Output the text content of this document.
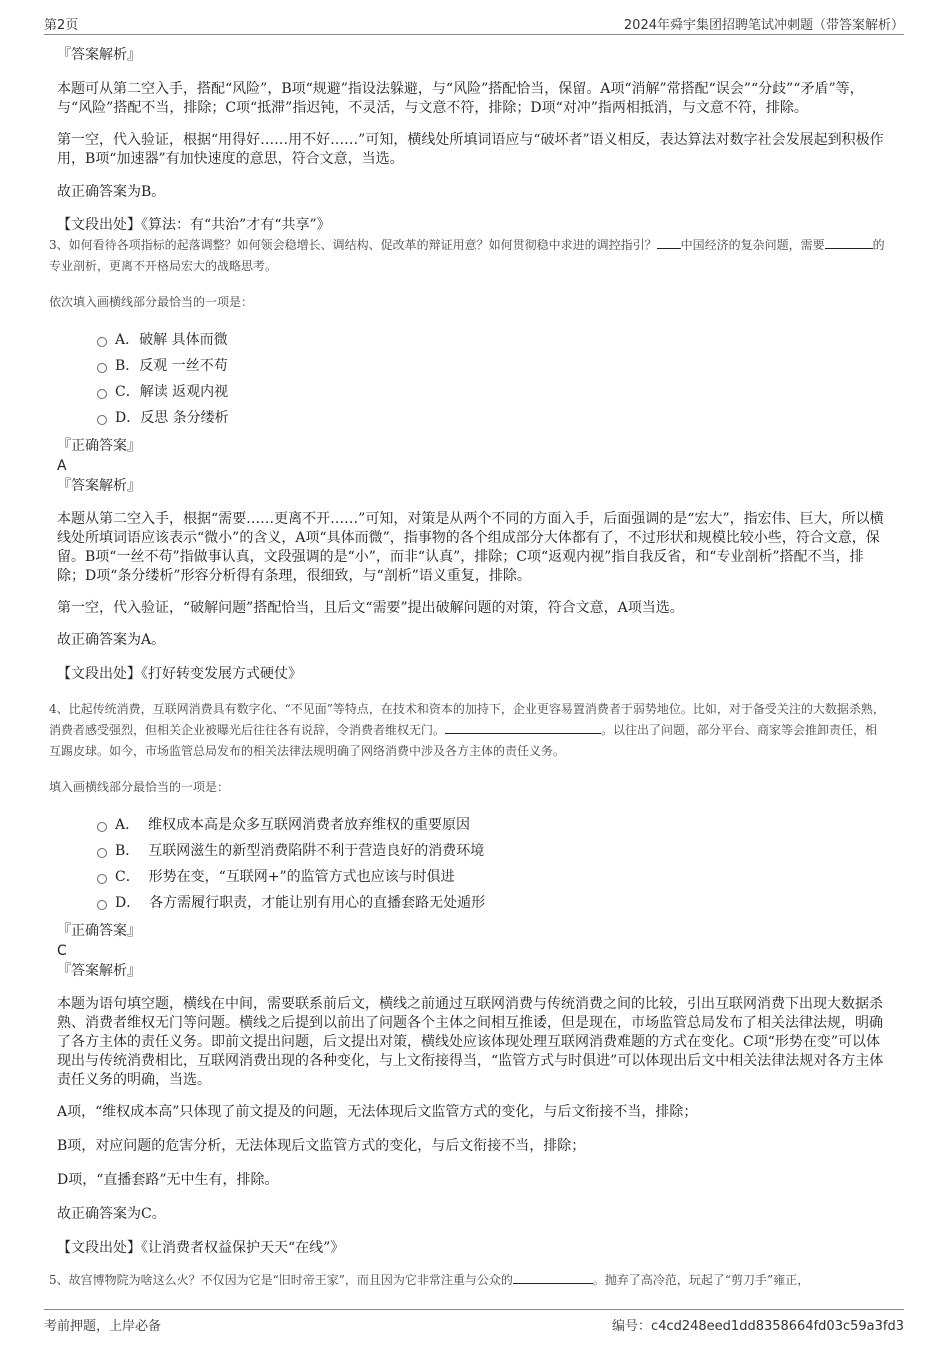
第2页	2024年舜宇集团招聘笔试冲刺题（带答案解析）

『答案解析』

本题可从第二空入手，搭配“风险”，B项“规避”指设法躲避，与“风险”搭配恰当，保留。A项“消解”常搭配“误会”“分歧”“矛盾”等，与“风险”搭配不当，排除；C项“抵滞”指迟钝，不灵活，与文意不符，排除；D项“对冲”指两相抵消，与文意不符，排除。

第一空，代入验证，根据“用得好……用不好……”可知，横线处所填词语应与“破坏者”语义相反，表达算法对数字社会发展起到积极作用，B项“加速器”有加快速度的意思，符合文意，当选。

故正确答案为B。

【文段出处】《算法：有“共治”才有“共享”》

3、如何看待各项指标的起落调整？如何领会稳增长、调结构、促改革的辩证用意？如何贯彻稳中求进的调控指引？ 中国经济的复杂问题，需要	的专业剖析，更离不开格局宏大的战略思考。

依次填入画横线部分最恰当的一项是：

A．破解 具体而微
B．反观 一丝不苟
C．解读 返观内视
D．反思 条分缕析

『正确答案』

A

『答案解析』

本题从第二空入手，根据“需要……更离不开……”可知，对策是从两个不同的方面入手，后面强调的是“宏大”，指宏伟、巨大，所以横线处所填词语应该表示“微小”的含义，A项“具体而微”，指事物的各个组成部分大体都有了，不过形状和规模比较小些，符合文意，保留。B项“一丝不苟”指做事认真，文段强调的是“小”，而非“认真”，排除；C项“返观内视”指自我反省，和“专业剖析”搭配不当，排除；D项“条分缕析”形容分析得有条理，很细致，与“剖析”语义重复，排除。

第一空，代入验证，“破解问题”搭配恰当，且后文“需要”提出破解问题的对策，符合文意，A项当选。

故正确答案为A。

【文段出处】《打好转变发展方式硬仗》

4、比起传统消费，互联网消费具有数字化、“不见面”等特点，在技术和资本的加持下，企业更容易置消费者于弱势地位。比如，对于备受关注的大数据杀熟，消费者感受强烈，但相关企业被曝光后往往各有说辞，令消费者维权无门。	。以往出了问题，部分平台、商家等会推卸责任，相互踢皮球。如今，市场监管总局发布的相关法律法规明确了网络消费中涉及各方主体的责任义务。

填入画横线部分最恰当的一项是：

A． 维权成本高是众多互联网消费者放弃维权的重要原因
B． 互联网滋生的新型消费陷阱不利于营造良好的消费环境
C． 形势在变，“互联网+”的监管方式也应该与时俱进
D． 各方需履行职责，才能让别有用心的直播套路无处遁形

『正确答案』

C

『答案解析』

本题为语句填空题，横线在中间，需要联系前后文，横线之前通过互联网消费与传统消费之间的比较，引出互联网消费下出现大数据杀熟、消费者维权无门等问题。横线之后提到以前出了问题各个主体之间相互推诿，但是现在，市场监管总局发布了相关法律法规，明确了各方主体的责任义务。即前文提出问题，后文提出对策，横线处应该体现处理互联网消费难题的方式在变化。C项“形势在变”可以体现出与传统消费相比，互联网消费出现的各种变化，与上文衔接得当，“监管方式与时俱进”可以体现出后文中相关法律法规对各方主体责任义务的明确，当选。

A项，“维权成本高”只体现了前文提及的问题，无法体现后文监管方式的变化，与后文衔接不当，排除；

B项，对应问题的危害分析，无法体现后文监管方式的变化，与后文衔接不当，排除；

D项，“直播套路”无中生有，排除。

故正确答案为C。

【文段出处】《让消费者权益保护天天“在线”》

5、故宫博物院为啥这么火？不仅因为它是“旧时帝王家”，而且因为它非常注重与公众的	。抛弃了高冷范，玩起了“剪刀手”雍正，

考前押题，上岸必备	编号：c4cd248eed1dd8358664fd03c59a3fd3
